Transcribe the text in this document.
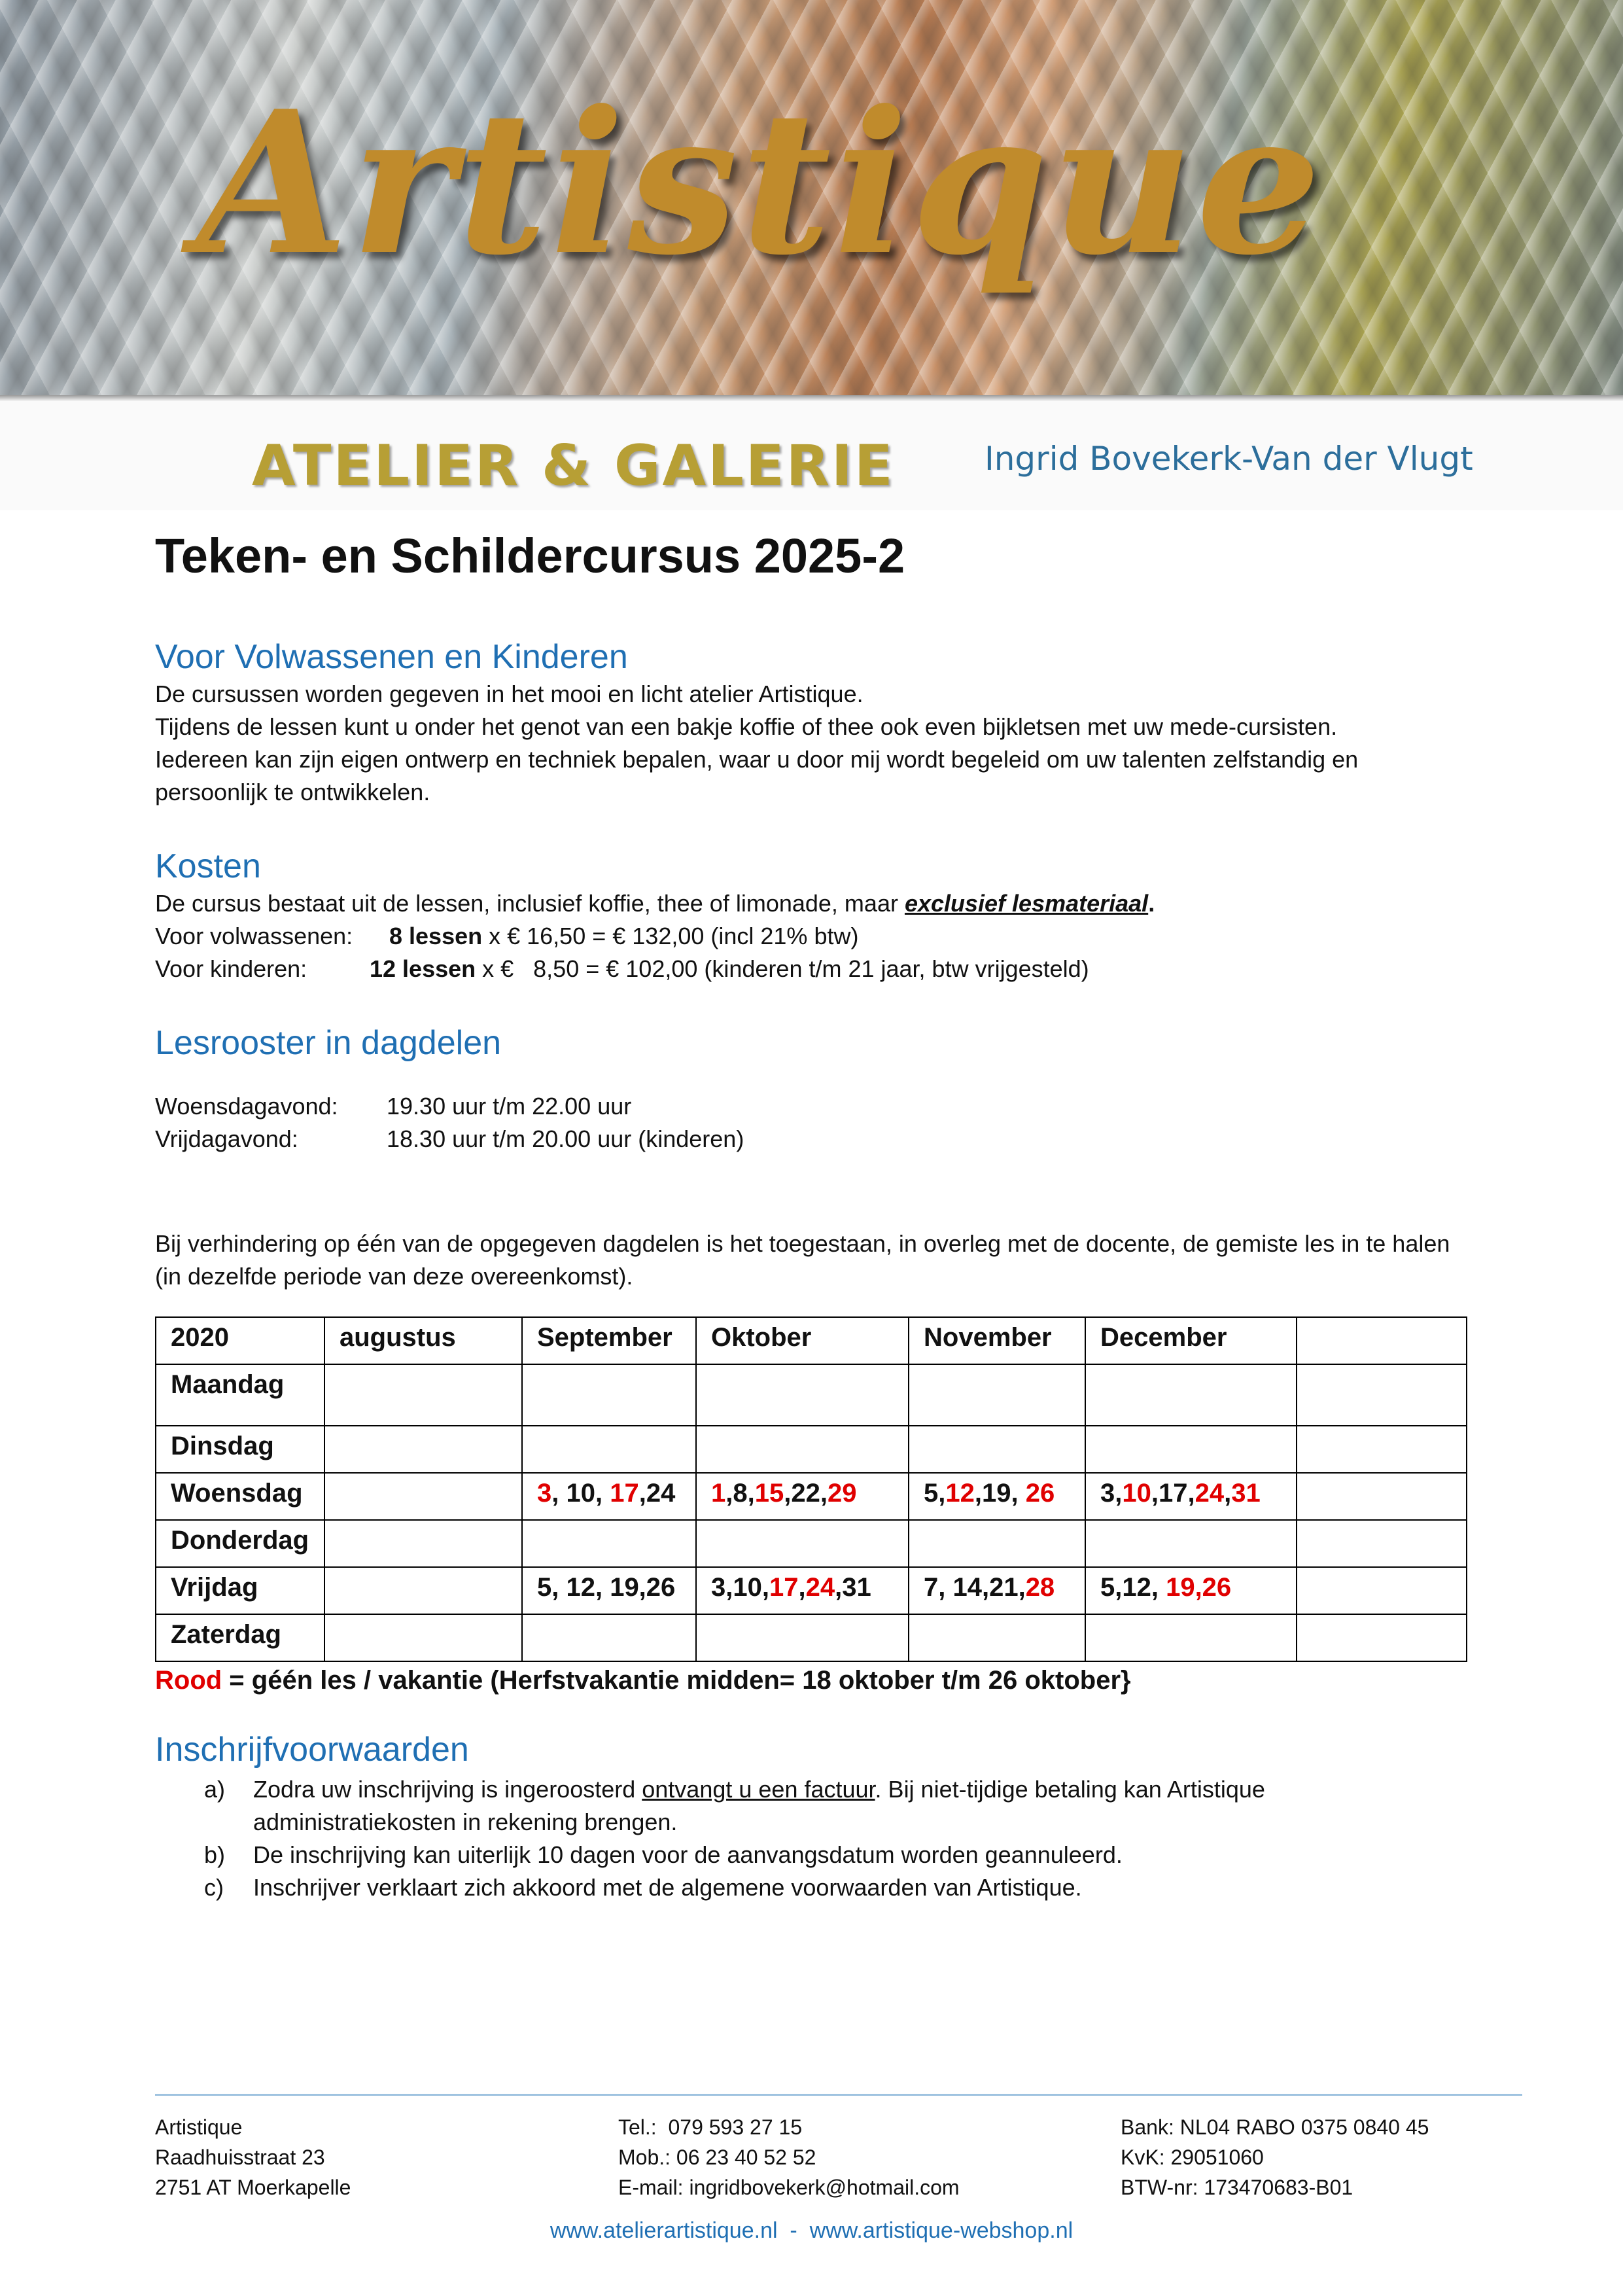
Artistique
ATELIER & GALERIE	Ingrid Bovekerk-Van der Vlugt
Teken- en Schildercursus 2025-2
Voor Volwassenen en Kinderen
De cursussen worden gegeven in het mooi en licht atelier Artistique.
Tijdens de lessen kunt u onder het genot van een bakje koffie of thee ook even bijkletsen met uw mede-cursisten.
Iedereen kan zijn eigen ontwerp en techniek bepalen, waar u door mij wordt begeleid om uw talenten zelfstandig en
persoonlijk te ontwikkelen.
Kosten
De cursus bestaat uit de lessen, inclusief koffie, thee of limonade, maar exclusief lesmateriaal.
Voor volwassenen:	8 lessen x € 16,50 = € 132,00 (incl 21% btw)
Voor kinderen:	12 lessen x €   8,50 = € 102,00 (kinderen t/m 21 jaar, btw vrijgesteld)
Lesrooster in dagdelen
Woensdagavond:	19.30 uur t/m 22.00 uur
Vrijdagavond:	18.30 uur t/m 20.00 uur (kinderen)
Bij verhindering op één van de opgegeven dagdelen is het toegestaan, in overleg met de docente, de gemiste les in te halen (in dezelfde periode van deze overeenkomst).
2020	augustus	September	Oktober	November	December	
Maandag						
Dinsdag						
Woensdag		3, 10, 17,24	1,8,15,22,29	5,12,19, 26	3,10,17,24,31	
Donderdag						
Vrijdag		5, 12, 19,26	3,10,17,24,31	7, 14,21,28	5,12, 19,26	
Zaterdag						
Rood = géén les / vakantie (Herfstvakantie midden= 18 oktober t/m 26 oktober}
Inschrijfvoorwaarden
a)	Zodra uw inschrijving is ingeroosterd ontvangt u een factuur. Bij niet-tijdige betaling kan Artistique
administratiekosten in rekening brengen.
b)	De inschrijving kan uiterlijk 10 dagen voor de aanvangsdatum worden geannuleerd.
c)	Inschrijver verklaart zich akkoord met de algemene voorwaarden van Artistique.
Artistique
Raadhuisstraat 23
2751 AT Moerkapelle
Tel.:  079 593 27 15
Mob.: 06 23 40 52 52
E-mail: ingridbovekerk@hotmail.com
Bank: NL04 RABO 0375 0840 45
KvK: 29051060
BTW-nr: 173470683-B01
www.atelierartistique.nl  -  www.artistique-webshop.nl
